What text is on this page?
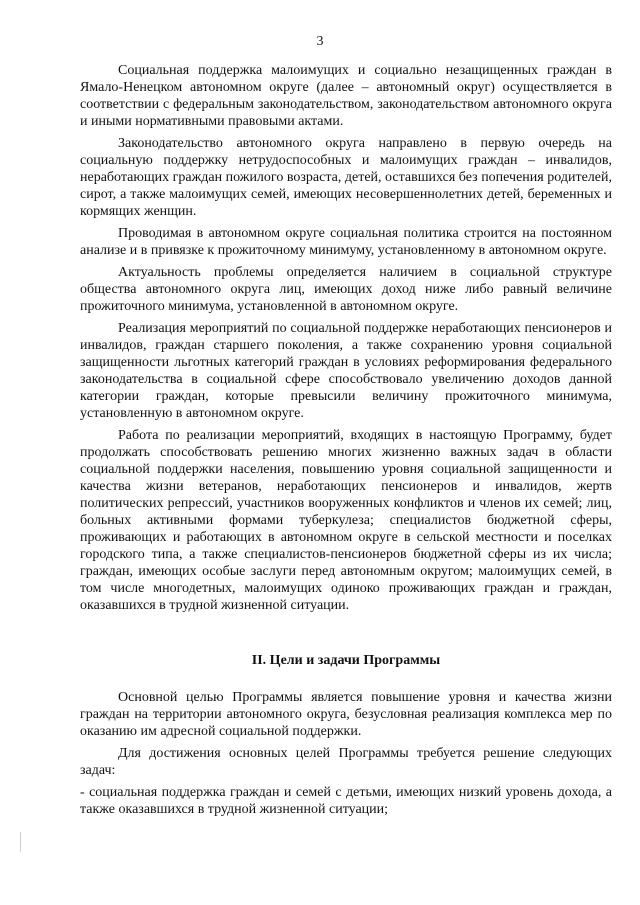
3

Социальная поддержка малоимущих и социально незащищенных граждан в Ямало-Ненецком автономном округе (далее – автономный округ) осуществляется в соответствии с федеральным законодательством, законодательством автономного округа и иными нормативными правовыми актами.

Законодательство автономного округа направлено в первую очередь на социальную поддержку нетрудоспособных и малоимущих граждан – инвалидов, неработающих граждан пожилого возраста, детей, оставшихся без попечения родителей, сирот, а также малоимущих семей, имеющих несовершеннолетних детей, беременных и кормящих женщин.

Проводимая в автономном округе социальная политика строится на постоянном анализе и в привязке к прожиточному минимуму, установленному в автономном округе.

Актуальность проблемы определяется наличием в социальной структуре общества автономного округа лиц, имеющих доход ниже либо равный величине прожиточного минимума, установленной в автономном округе.

Реализация мероприятий по социальной поддержке неработающих пенсионеров и инвалидов, граждан старшего поколения, а также сохранению уровня социальной защищенности льготных категорий граждан в условиях реформирования федерального законодательства в социальной сфере способствовало увеличению доходов данной категории граждан, которые превысили величину прожиточного минимума, установленную в автономном округе.

Работа по реализации мероприятий, входящих в настоящую Программу, будет продолжать способствовать решению многих жизненно важных задач в области социальной поддержки населения, повышению уровня социальной защищенности и качества жизни ветеранов, неработающих пенсионеров и инвалидов, жертв политических репрессий, участников вооруженных конфликтов и членов их семей; лиц, больных активными формами туберкулеза; специалистов бюджетной сферы, проживающих и работающих в автономном округе в сельской местности и поселках городского типа, а также специалистов-пенсионеров бюджетной сферы из их числа; граждан, имеющих особые заслуги перед автономным округом; малоимущих семей, в том числе многодетных, малоимущих одиноко проживающих граждан и граждан, оказавшихся в трудной жизненной ситуации.

II. Цели и задачи Программы

Основной целью Программы является повышение уровня и качества жизни граждан на территории автономного округа, безусловная реализация комплекса мер по оказанию им адресной социальной поддержки.

Для достижения основных целей Программы требуется решение следующих задач:

- социальная поддержка граждан и семей с детьми, имеющих низкий уровень дохода, а также оказавшихся в трудной жизненной ситуации;
